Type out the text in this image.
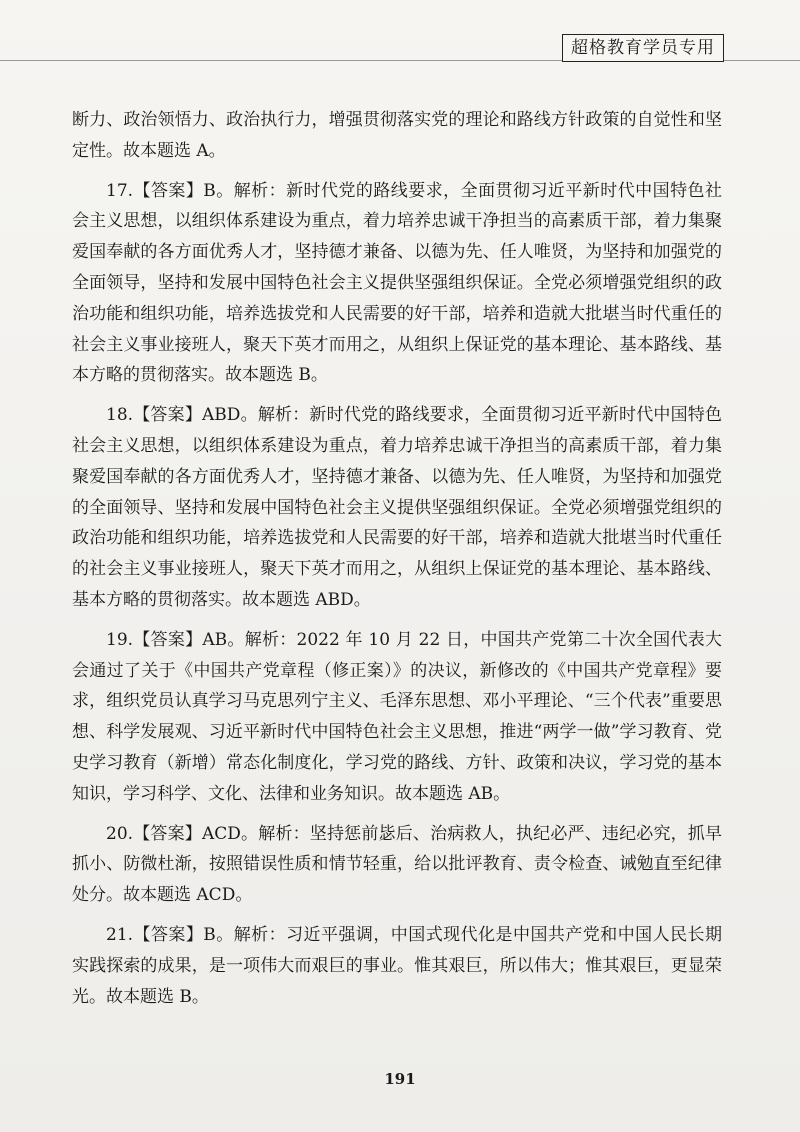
超格教育学员专用

断力、政治领悟力、政治执行力，增强贯彻落实党的理论和路线方针政策的自觉性和坚定性。故本题选 A。

17.【答案】B。解析：新时代党的路线要求，全面贯彻习近平新时代中国特色社会主义思想，以组织体系建设为重点，着力培养忠诚干净担当的高素质干部，着力集聚爱国奉献的各方面优秀人才，坚持德才兼备、以德为先、任人唯贤，为坚持和加强党的全面领导，坚持和发展中国特色社会主义提供坚强组织保证。全党必须增强党组织的政治功能和组织功能，培养选拔党和人民需要的好干部，培养和造就大批堪当时代重任的社会主义事业接班人，聚天下英才而用之，从组织上保证党的基本理论、基本路线、基本方略的贯彻落实。故本题选 B。

18.【答案】ABD。解析：新时代党的路线要求，全面贯彻习近平新时代中国特色社会主义思想，以组织体系建设为重点，着力培养忠诚干净担当的高素质干部，着力集聚爱国奉献的各方面优秀人才，坚持德才兼备、以德为先、任人唯贤，为坚持和加强党的全面领导、坚持和发展中国特色社会主义提供坚强组织保证。全党必须增强党组织的政治功能和组织功能，培养选拔党和人民需要的好干部，培养和造就大批堪当时代重任的社会主义事业接班人，聚天下英才而用之，从组织上保证党的基本理论、基本路线、基本方略的贯彻落实。故本题选 ABD。

19.【答案】AB。解析：2022 年 10 月 22 日，中国共产党第二十次全国代表大会通过了关于《中国共产党章程（修正案）》的决议，新修改的《中国共产党章程》要求，组织党员认真学习马克思列宁主义、毛泽东思想、邓小平理论、“三个代表”重要思想、科学发展观、习近平新时代中国特色社会主义思想，推进“两学一做”学习教育、党史学习教育（新增）常态化制度化，学习党的路线、方针、政策和决议，学习党的基本知识，学习科学、文化、法律和业务知识。故本题选 AB。

20.【答案】ACD。解析：坚持惩前毖后、治病救人，执纪必严、违纪必究，抓早抓小、防微杜渐，按照错误性质和情节轻重，给以批评教育、责令检查、诫勉直至纪律处分。故本题选 ACD。

21.【答案】B。解析：习近平强调，中国式现代化是中国共产党和中国人民长期实践探索的成果，是一项伟大而艰巨的事业。惟其艰巨，所以伟大；惟其艰巨，更显荣光。故本题选 B。

191
